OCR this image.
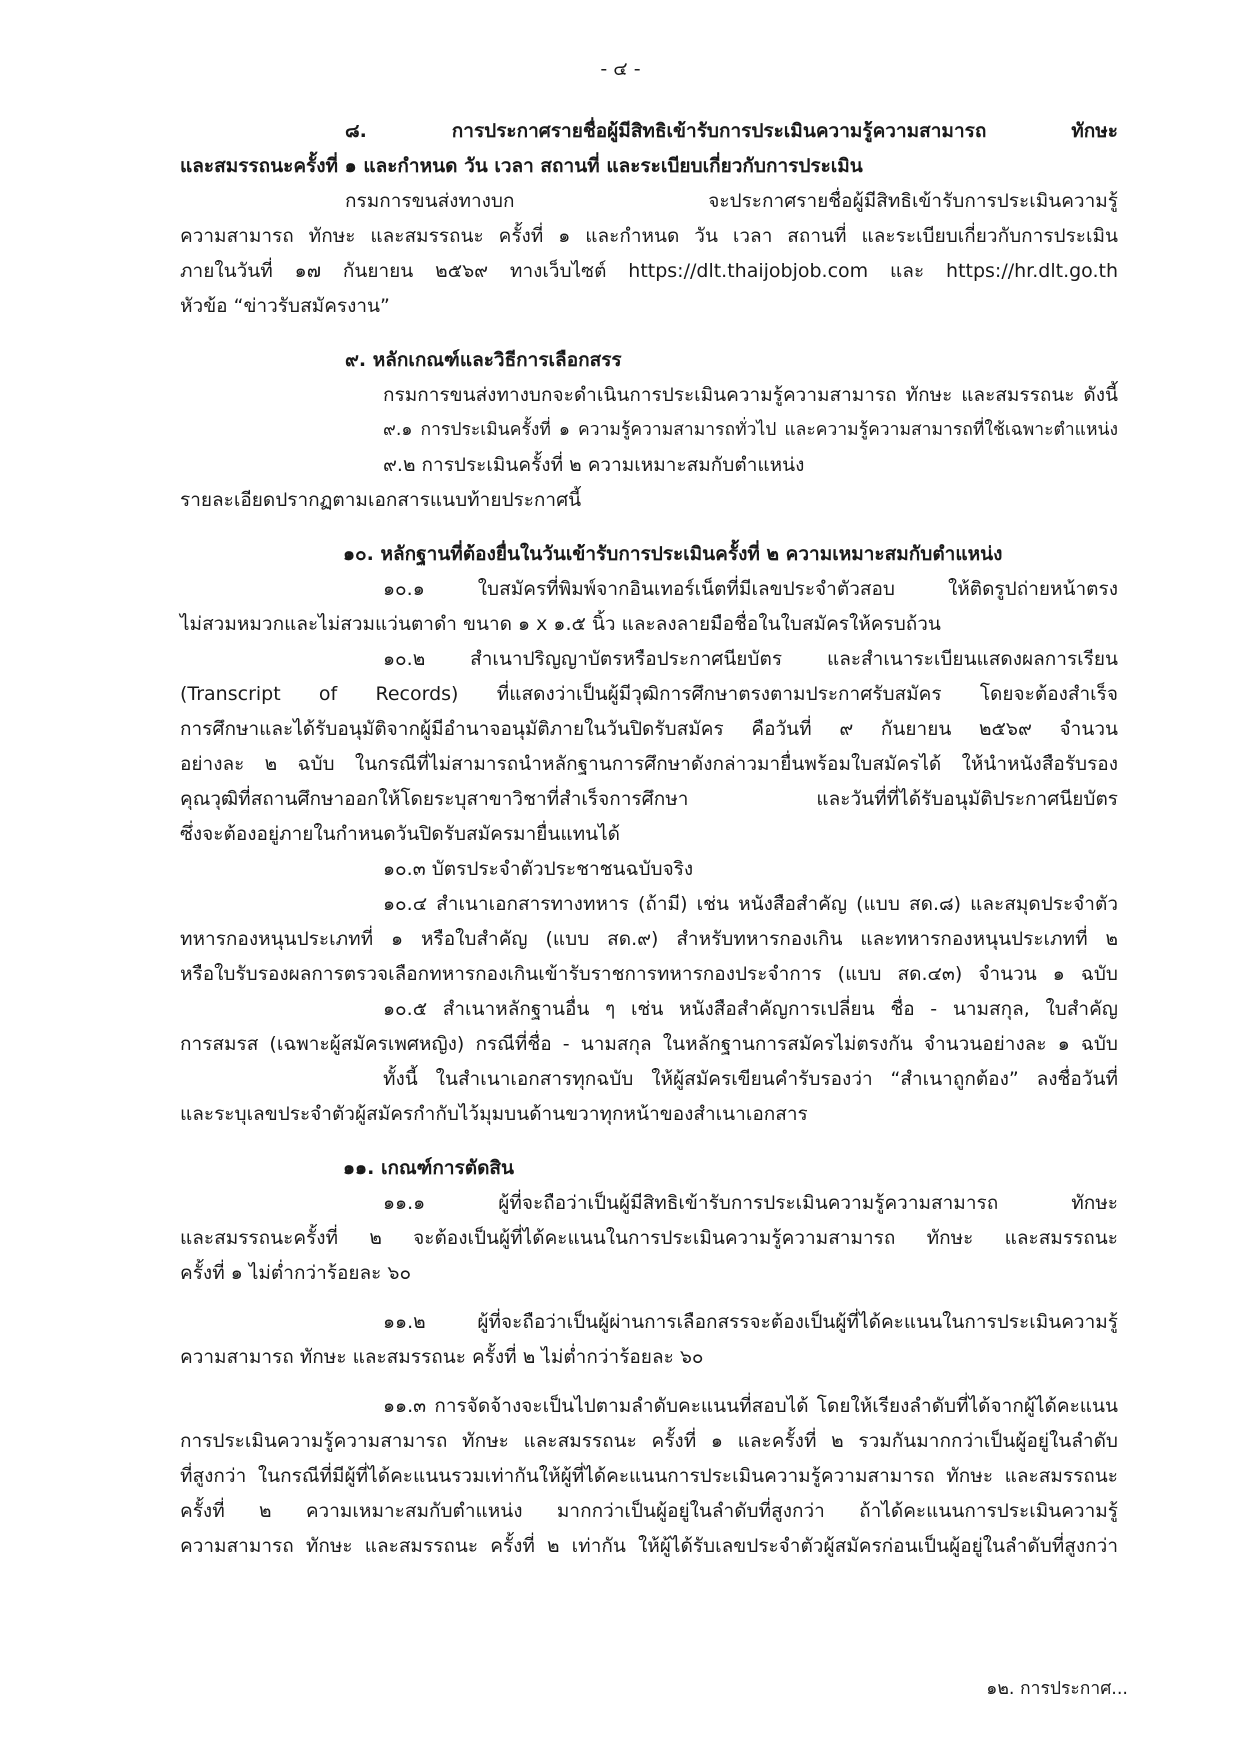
- ๔ -
๘. การประกาศรายชื่อผู้มีสิทธิเข้ารับการประเมินความรู้ความสามารถ ทักษะ
และสมรรถนะครั้งที่ ๑ และกำหนด วัน เวลา สถานที่ และระเบียบเกี่ยวกับการประเมิน
กรมการขนส่งทางบก จะประกาศรายชื่อผู้มีสิทธิเข้ารับการประเมินความรู้
ความสามารถ ทักษะ และสมรรถนะ ครั้งที่ ๑ และกำหนด วัน เวลา สถานที่ และระเบียบเกี่ยวกับการประเมิน
ภายในวันที่ ๑๗ กันยายน ๒๕๖๙ ทางเว็บไซต์ https://dlt.thaijobjob.com และ https://hr.dlt.go.th
หัวข้อ “ข่าวรับสมัครงาน”
๙. หลักเกณฑ์และวิธีการเลือกสรร
กรมการขนส่งทางบกจะดำเนินการประเมินความรู้ความสามารถ ทักษะ และสมรรถนะ ดังนี้
๙.๑ การประเมินครั้งที่ ๑ ความรู้ความสามารถทั่วไป และความรู้ความสามารถที่ใช้เฉพาะตำแหน่ง
๙.๒ การประเมินครั้งที่ ๒ ความเหมาะสมกับตำแหน่ง
รายละเอียดปรากฏตามเอกสารแนบท้ายประกาศนี้
๑๐. หลักฐานที่ต้องยื่นในวันเข้ารับการประเมินครั้งที่ ๒ ความเหมาะสมกับตำแหน่ง
๑๐.๑ ใบสมัครที่พิมพ์จากอินเทอร์เน็ตที่มีเลขประจำตัวสอบ ให้ติดรูปถ่ายหน้าตรง
ไม่สวมหมวกและไม่สวมแว่นตาดำ ขนาด ๑ x ๑.๕ นิ้ว และลงลายมือชื่อในใบสมัครให้ครบถ้วน
๑๐.๒ สำเนาปริญญาบัตรหรือประกาศนียบัตร และสำเนาระเบียนแสดงผลการเรียน
(Transcript of Records) ที่แสดงว่าเป็นผู้มีวุฒิการศึกษาตรงตามประกาศรับสมัคร โดยจะต้องสำเร็จ
การศึกษาและได้รับอนุมัติจากผู้มีอำนาจอนุมัติภายในวันปิดรับสมัคร คือวันที่ ๙ กันยายน ๒๕๖๙ จำนวน
อย่างละ ๒ ฉบับ ในกรณีที่ไม่สามารถนำหลักฐานการศึกษาดังกล่าวมายื่นพร้อมใบสมัครได้ ให้นำหนังสือรับรอง
คุณวุฒิที่สถานศึกษาออกให้โดยระบุสาขาวิชาที่สำเร็จการศึกษา และวันที่ที่ได้รับอนุมัติประกาศนียบัตร
ซึ่งจะต้องอยู่ภายในกำหนดวันปิดรับสมัครมายื่นแทนได้
๑๐.๓ บัตรประจำตัวประชาชนฉบับจริง
๑๐.๔ สำเนาเอกสารทางทหาร (ถ้ามี) เช่น หนังสือสำคัญ (แบบ สด.๘) และสมุดประจำตัว
ทหารกองหนุนประเภทที่ ๑ หรือใบสำคัญ (แบบ สด.๙) สำหรับทหารกองเกิน และทหารกองหนุนประเภทที่ ๒
หรือใบรับรองผลการตรวจเลือกทหารกองเกินเข้ารับราชการทหารกองประจำการ (แบบ สด.๔๓) จำนวน ๑ ฉบับ
๑๐.๕ สำเนาหลักฐานอื่น ๆ เช่น หนังสือสำคัญการเปลี่ยน ชื่อ - นามสกุล, ใบสำคัญ
การสมรส (เฉพาะผู้สมัครเพศหญิง) กรณีที่ชื่อ - นามสกุล ในหลักฐานการสมัครไม่ตรงกัน จำนวนอย่างละ ๑ ฉบับ
ทั้งนี้ ในสำเนาเอกสารทุกฉบับ ให้ผู้สมัครเขียนคำรับรองว่า “สำเนาถูกต้อง” ลงชื่อวันที่
และระบุเลขประจำตัวผู้สมัครกำกับไว้มุมบนด้านขวาทุกหน้าของสำเนาเอกสาร
๑๑. เกณฑ์การตัดสิน
๑๑.๑ ผู้ที่จะถือว่าเป็นผู้มีสิทธิเข้ารับการประเมินความรู้ความสามารถ ทักษะ
และสมรรถนะครั้งที่ ๒ จะต้องเป็นผู้ที่ได้คะแนนในการประเมินความรู้ความสามารถ ทักษะ และสมรรถนะ
ครั้งที่ ๑ ไม่ต่ำกว่าร้อยละ ๖๐
๑๑.๒ ผู้ที่จะถือว่าเป็นผู้ผ่านการเลือกสรรจะต้องเป็นผู้ที่ได้คะแนนในการประเมินความรู้
ความสามารถ ทักษะ และสมรรถนะ ครั้งที่ ๒ ไม่ต่ำกว่าร้อยละ ๖๐
๑๑.๓ การจัดจ้างจะเป็นไปตามลำดับคะแนนที่สอบได้ โดยให้เรียงลำดับที่ได้จากผู้ได้คะแนน
การประเมินความรู้ความสามารถ ทักษะ และสมรรถนะ ครั้งที่ ๑ และครั้งที่ ๒ รวมกันมากกว่าเป็นผู้อยู่ในลำดับ
ที่สูงกว่า ในกรณีที่มีผู้ที่ได้คะแนนรวมเท่ากันให้ผู้ที่ได้คะแนนการประเมินความรู้ความสามารถ ทักษะ และสมรรถนะ
ครั้งที่ ๒ ความเหมาะสมกับตำแหน่ง มากกว่าเป็นผู้อยู่ในลำดับที่สูงกว่า ถ้าได้คะแนนการประเมินความรู้
ความสามารถ ทักษะ และสมรรถนะ ครั้งที่ ๒ เท่ากัน ให้ผู้ได้รับเลขประจำตัวผู้สมัครก่อนเป็นผู้อยู่ในลำดับที่สูงกว่า
๑๒. การประกาศ...
